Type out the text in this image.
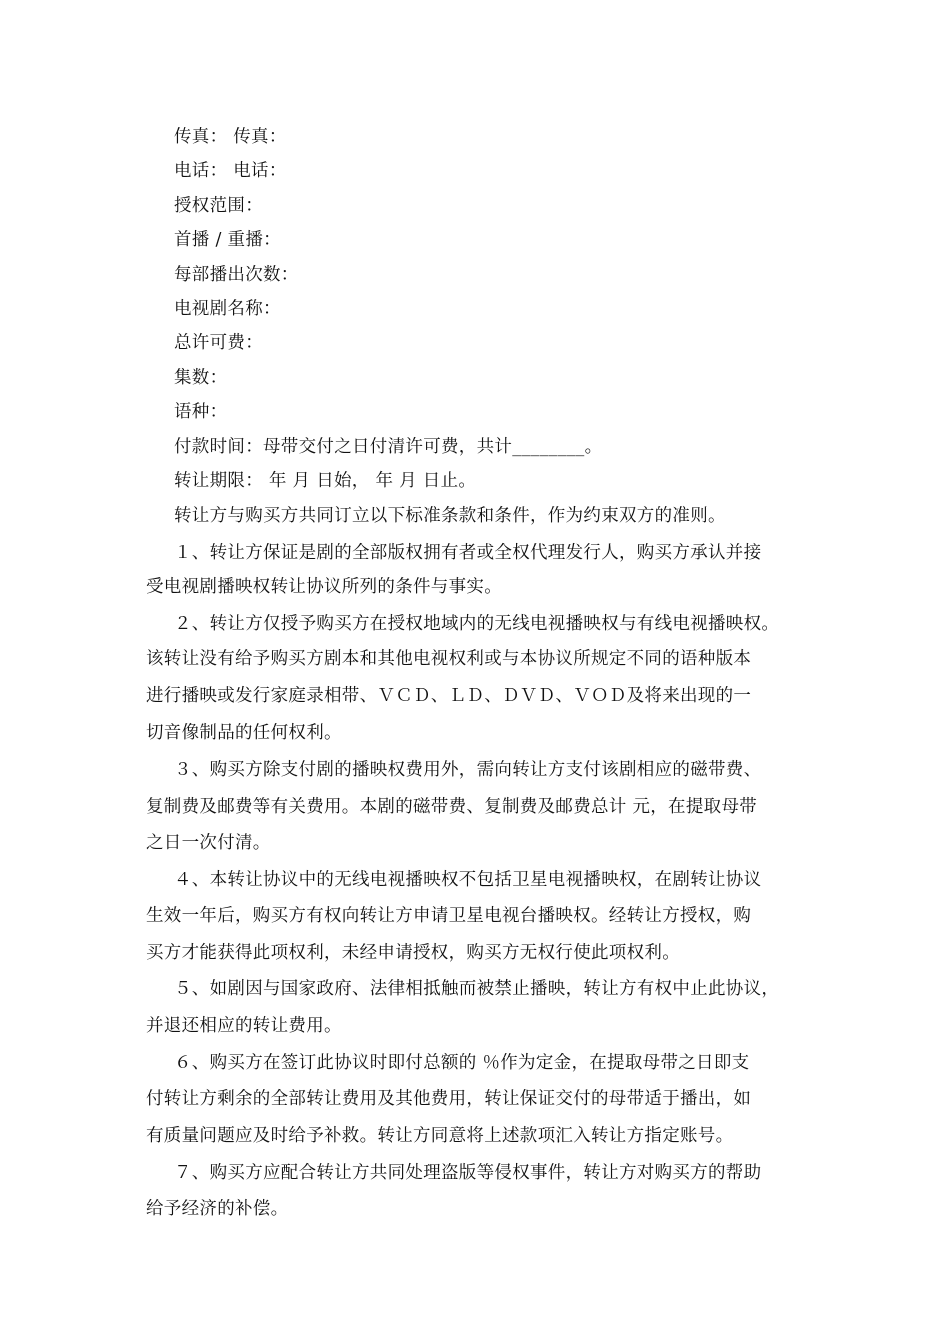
传真： 传真：
电话： 电话：
授权范围：
首播 / 重播：
每部播出次数：
电视剧名称：
总许可费：
集数：
语种：
付款时间：母带交付之日付清许可费，共计________。
转让期限： 年 月 日始， 年 月 日止。
转让方与购买方共同订立以下标准条款和条件，作为约束双方的准则。
１、转让方保证是剧的全部版权拥有者或全权代理发行人，购买方承认并接
受电视剧播映权转让协议所列的条件与事实。
２、转让方仅授予购买方在授权地域内的无线电视播映权与有线电视播映权。
该转让没有给予购买方剧本和其他电视权利或与本协议所规定不同的语种版本
进行播映或发行家庭录相带、ＶＣＤ、ＬＤ、ＤＶＤ、ＶＯＤ及将来出现的一
切音像制品的任何权利。
３、购买方除支付剧的播映权费用外，需向转让方支付该剧相应的磁带费、
复制费及邮费等有关费用。本剧的磁带费、复制费及邮费总计 元，在提取母带
之日一次付清。
４、本转让协议中的无线电视播映权不包括卫星电视播映权，在剧转让协议
生效一年后，购买方有权向转让方申请卫星电视台播映权。经转让方授权，购
买方才能获得此项权利，未经申请授权，购买方无权行使此项权利。
５、如剧因与国家政府、法律相抵触而被禁止播映，转让方有权中止此协议，
并退还相应的转让费用。
６、购买方在签订此协议时即付总额的 ％作为定金，在提取母带之日即支
付转让方剩余的全部转让费用及其他费用，转让保证交付的母带适于播出，如
有质量问题应及时给予补救。转让方同意将上述款项汇入转让方指定账号。
７、购买方应配合转让方共同处理盗版等侵权事件，转让方对购买方的帮助
给予经济的补偿。
